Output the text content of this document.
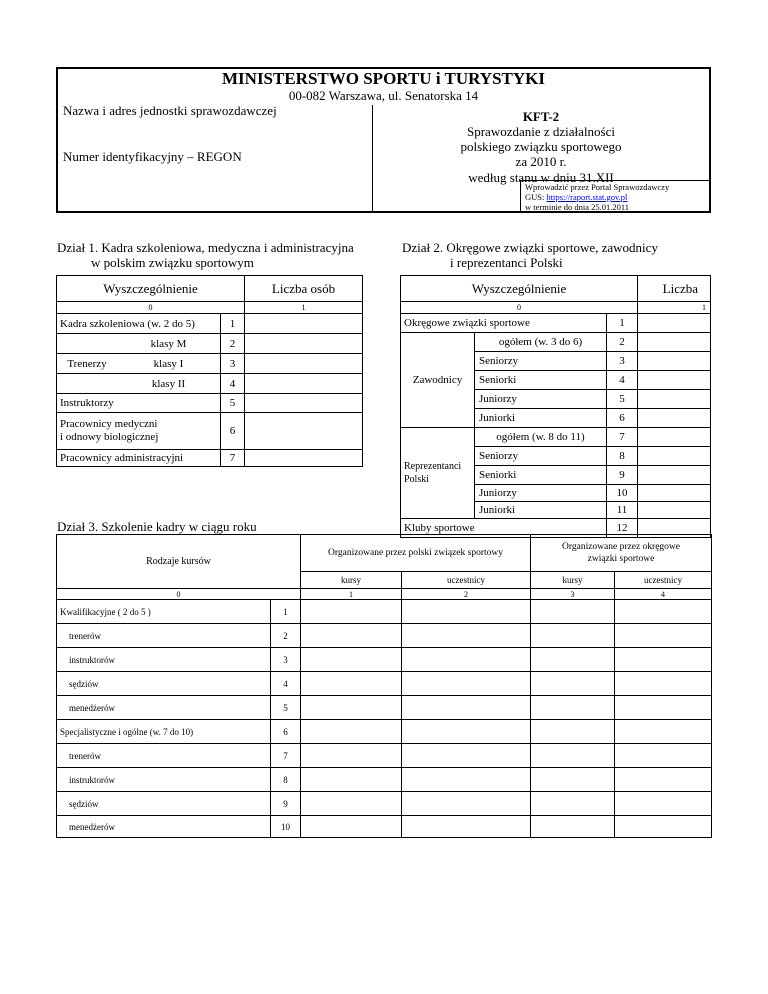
MINISTERSTWO SPORTU i TURYSTYKI
00-082 Warszawa, ul. Senatorska 14
Nazwa i adres jednostki sprawozdawczej
Numer identyfikacyjny – REGON
KFT-2
Sprawozdanie z działalności
polskiego związku sportowego
za 2010 r.
według stanu w dniu 31.XII
Wprowadzić przez Portal Sprawozdawczy
GUS: https://raport.stat.gov.pl
w terminie do dnia 25.01.2011
Dział 1. Kadra szkoleniowa, medyczna i administracyjna
w polskim związku sportowym
Wyszczególnienie		Liczba osób
0		1
Kadra szkoleniowa (w. 2 do 5)	1	

klasy M	2	

Trenerzy klasy I	3	

klasy II	4	
Instruktorzy	5	

Pracownicy medyczni
i odnowy biologicznej	6	
Pracownicy administracyjni	7	
Dział 2. Okręgowe związki sportowe, zawodnicy
i reprezentanci Polski
Wyszczególnienie			Liczba
0			1
Okręgowe związki sportowe		1	
Zawodnicy	ogółem (w. 3 do 6)	2	
	Seniorzy	3	
	Seniorki	4	
	Juniorzy	5	
	Juniorki	6	

Reprezentanci
Polski	ogółem (w. 8 do 11)	7	
	Seniorzy	8	
	Seniorki	9	
	Juniorzy	10	
	Juniorki	11	
Kluby sportowe		12	
Dział 3. Szkolenie kadry w ciągu roku
Rodzaje kursów		Organizowane przez polski związek sportowy		Organizowane przez okręgowe
związki sportowe	

		kursy	uczestnicy	kursy	uczestnicy
0		1	2	3	4
Kwalifikacyjne ( 2 do 5 )	1				
trenerów	2				
instruktorów	3				
sędziów	4				
menedżerów	5				
Specjalistyczne i ogólne (w. 7 do 10)	6				
trenerów	7				
instruktorów	8				
sędziów	9				
menedżerów	10				
